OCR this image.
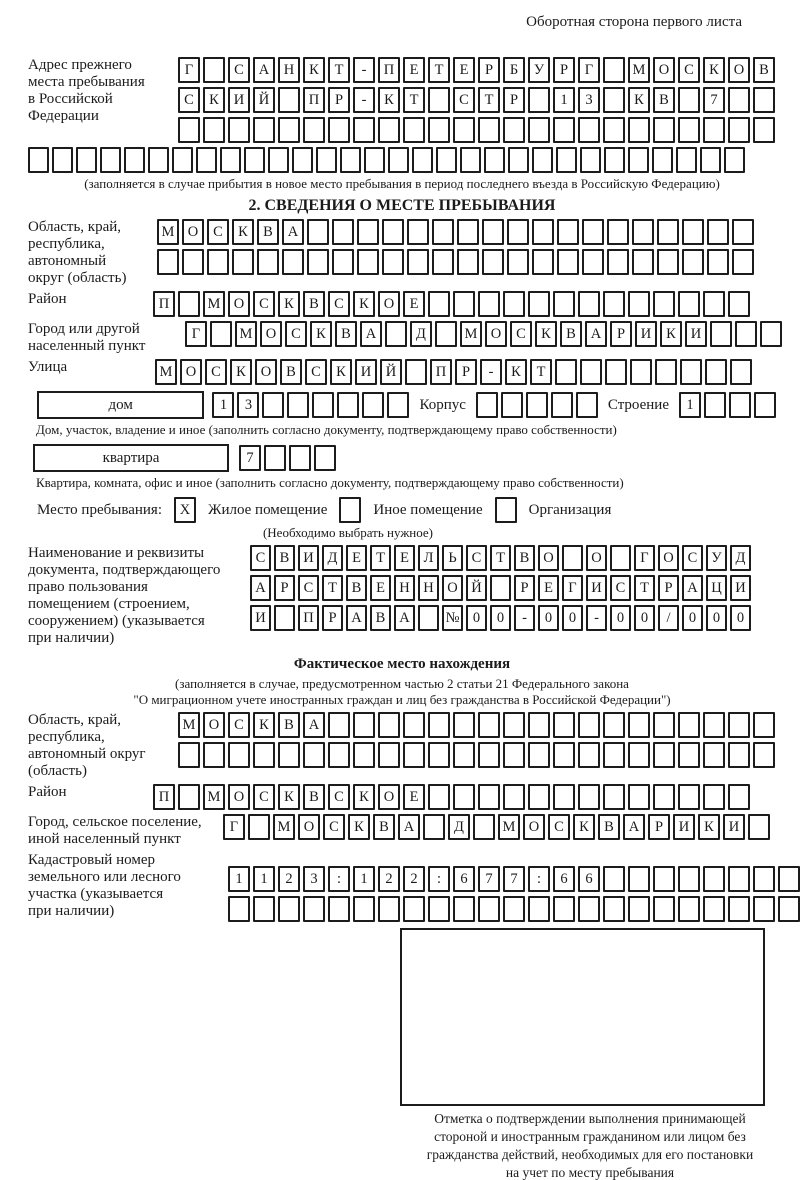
Оборотная сторона первого листа
Адрес прежнего
места пребывания
в Российской
Федерации
Г	С	А	Н	К	Т	-	П	Е	Т	Е	Р	Б	У	Р	Г	М О	С	К	О	В
С	К	И	Й	П	Р	-	К	Т	С	Т	Р	1	3	К	В	7
(заполняется в случае прибытия в новое место пребывания в период последнего въезда в Российскую Федерацию)
2. СВЕДЕНИЯ О МЕСТЕ ПРЕБЫВАНИЯ
Область, край,
республика,
автономный
округ (область)
М О	С	К	В	А
Район	П	М О	С	К	В	С	К	О	Е
Город или другой
населенный пункт
Г	М О	С	К	В	А	Д	М О	С	К	В	А	Р	И	К	И
Улица	М О	С	К	О	В	С	К	И	Й	П	Р	-	К	Т
дом	1	3	Корпус	Строение	1
Дом, участок, владение и иное (заполнить согласно документу, подтверждающему право собственности)
квартира	7
Квартира, комната, офис и иное (заполнить согласно документу, подтверждающему право собственности)
Место пребывания:	X	Жилое помещение	Иное помещение	Организация
(Необходимо выбрать нужное)
Наименование и реквизиты
документа, подтверждающего
право пользования
помещением (строением,
сооружением) (указывается
при наличии)
С В И Д	Е	Т	Е	Л	Ь	С	Т	В О	О	Г	О С У Д
А	Р	С	Т	В	Е Н Н О Й	Р	Е	Г	И С	Т	Р	А Ц И
И	П	Р	А В А	№ 0	0	-	0	0	-	0	0	/	0	0	0
Фактическое место нахождения
(заполняется в случае, предусмотренном частью 2 статьи 21 Федерального закона
"О миграционном учете иностранных граждан и лиц без гражданства в Российской Федерации")
Область, край,
республика,
автономный округ
(область)
М О	С	К	В	А
Район	П	М О	С	К	В	С	К	О	Е
Город, сельское поселение,
иной населенный пункт
Г	М О	С	К	В	А	Д	М О	С	К	В	А	Р	И	К	И
Кадастровый номер
земельного или лесного
участка (указывается
при наличии)
1	1	2	3	:	1	2	2	:	6	7	7	:	6	6
Отметка о подтверждении выполнения принимающей
стороной и иностранным гражданином или лицом без
гражданства действий, необходимых для его постановки
на учет по месту пребывания
